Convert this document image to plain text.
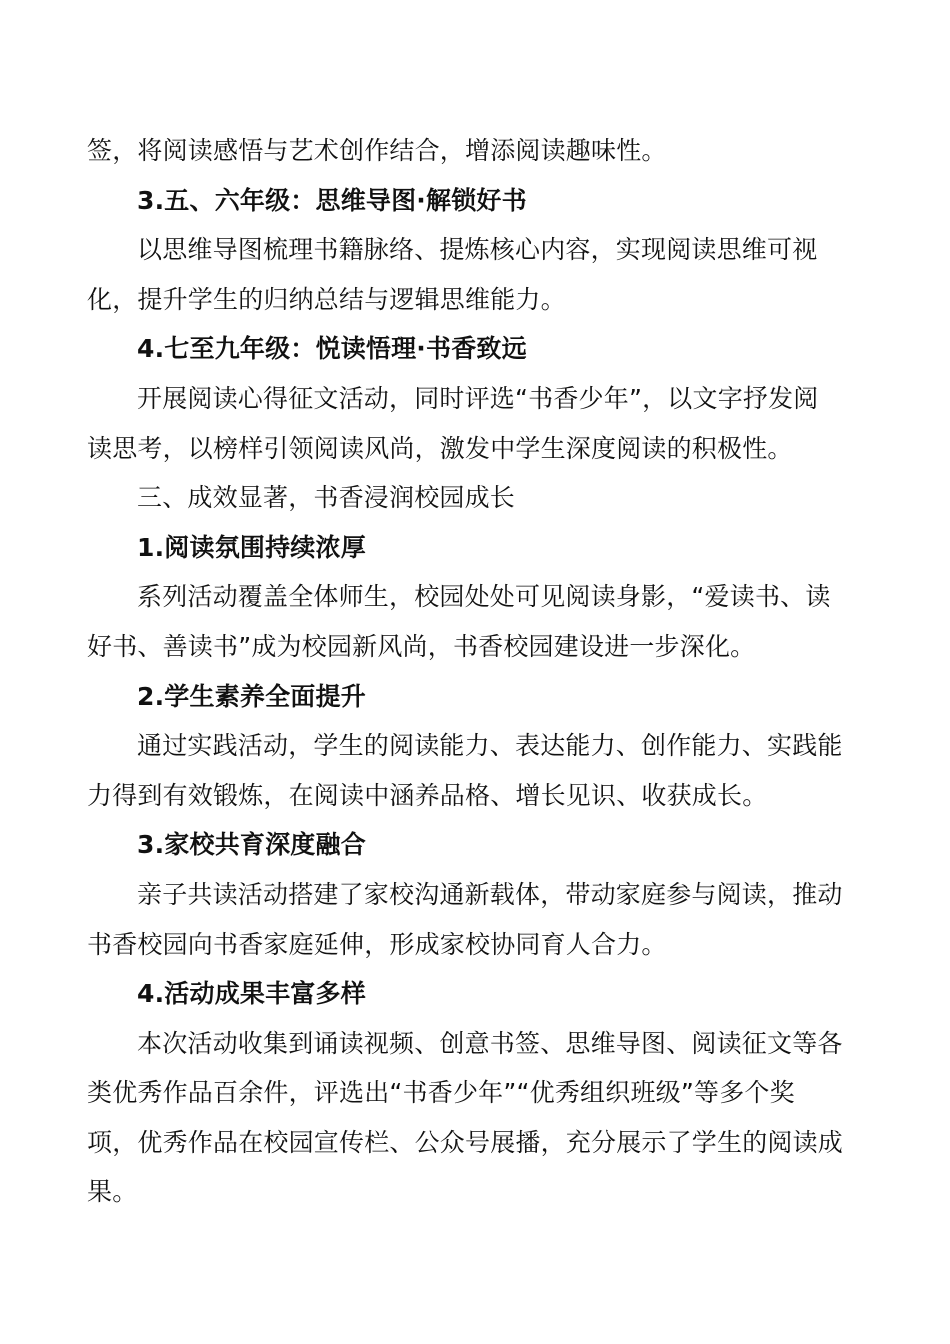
签，将阅读感悟与艺术创作结合，增添阅读趣味性。
3.五、六年级：思维导图·解锁好书
以思维导图梳理书籍脉络、提炼核心内容，实现阅读思维可视
化，提升学生的归纳总结与逻辑思维能力。
4.七至九年级：悦读悟理·书香致远
开展阅读心得征文活动，同时评选“书香少年”，以文字抒发阅
读思考，以榜样引领阅读风尚，激发中学生深度阅读的积极性。
三、成效显著，书香浸润校园成长
1.阅读氛围持续浓厚
系列活动覆盖全体师生，校园处处可见阅读身影，“爱读书、读
好书、善读书”成为校园新风尚，书香校园建设进一步深化。
2.学生素养全面提升
通过实践活动，学生的阅读能力、表达能力、创作能力、实践能
力得到有效锻炼，在阅读中涵养品格、增长见识、收获成长。
3.家校共育深度融合
亲子共读活动搭建了家校沟通新载体，带动家庭参与阅读，推动
书香校园向书香家庭延伸，形成家校协同育人合力。
4.活动成果丰富多样
本次活动收集到诵读视频、创意书签、思维导图、阅读征文等各
类优秀作品百余件，评选出“书香少年”“优秀组织班级”等多个奖
项，优秀作品在校园宣传栏、公众号展播，充分展示了学生的阅读成
果。
